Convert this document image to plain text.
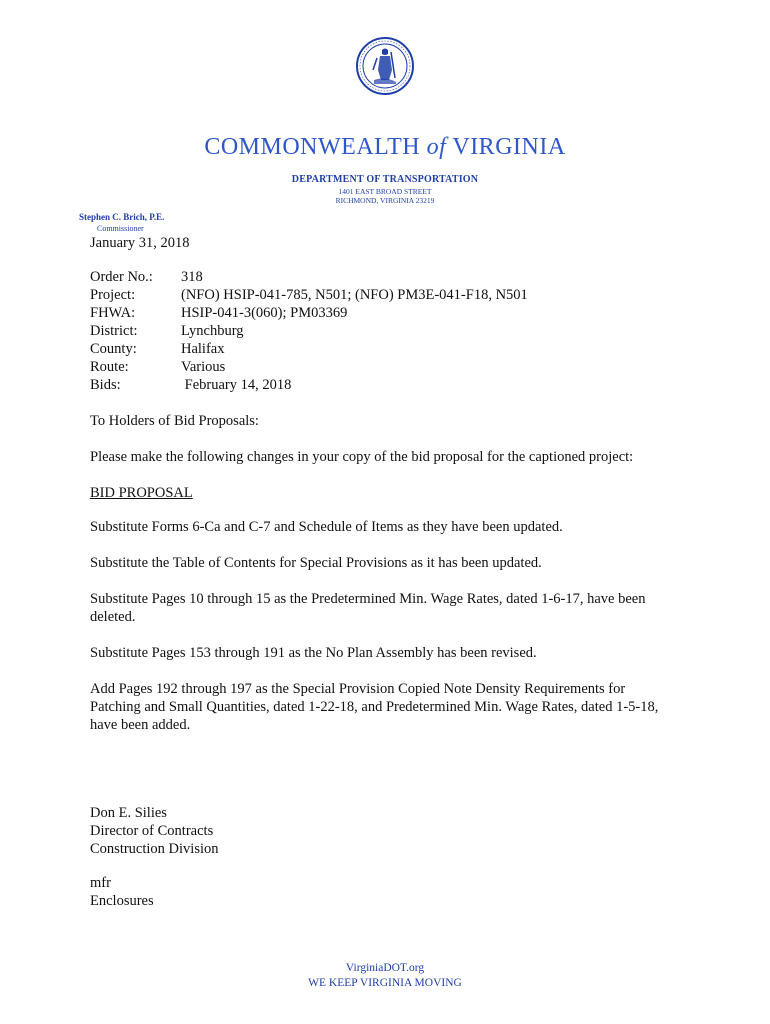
COMMONWEALTH of VIRGINIA
DEPARTMENT OF TRANSPORTATION
1401 EAST BROAD STREET
RICHMOND, VIRGINIA 23219
Stephen C. Brich, P.E.
Commissioner
January 31, 2018
Order No.:	318
Project:	(NFO) HSIP-041-785, N501; (NFO) PM3E-041-F18, N501
FHWA:	HSIP-041-3(060); PM03369
District:	Lynchburg
County:	Halifax
Route:	Various
Bids:	February 14, 2018
To Holders of Bid Proposals:
Please make the following changes in your copy of the bid proposal for the captioned project:
BID PROPOSAL
Substitute Forms 6-Ca and C-7 and Schedule of Items as they have been updated.
Substitute the Table of Contents for Special Provisions as it has been updated.
Substitute Pages 10 through 15 as the Predetermined Min. Wage Rates, dated 1-6-17, have been deleted.
Substitute Pages 153 through 191 as the No Plan Assembly has been revised.
Add Pages 192 through 197 as the Special Provision Copied Note Density Requirements for Patching and Small Quantities, dated 1-22-18, and Predetermined Min. Wage Rates, dated 1-5-18, have been added.
Don E. Silies
Director of Contracts
Construction Division
mfr
Enclosures
VirginiaDOT.org
WE KEEP VIRGINIA MOVING
